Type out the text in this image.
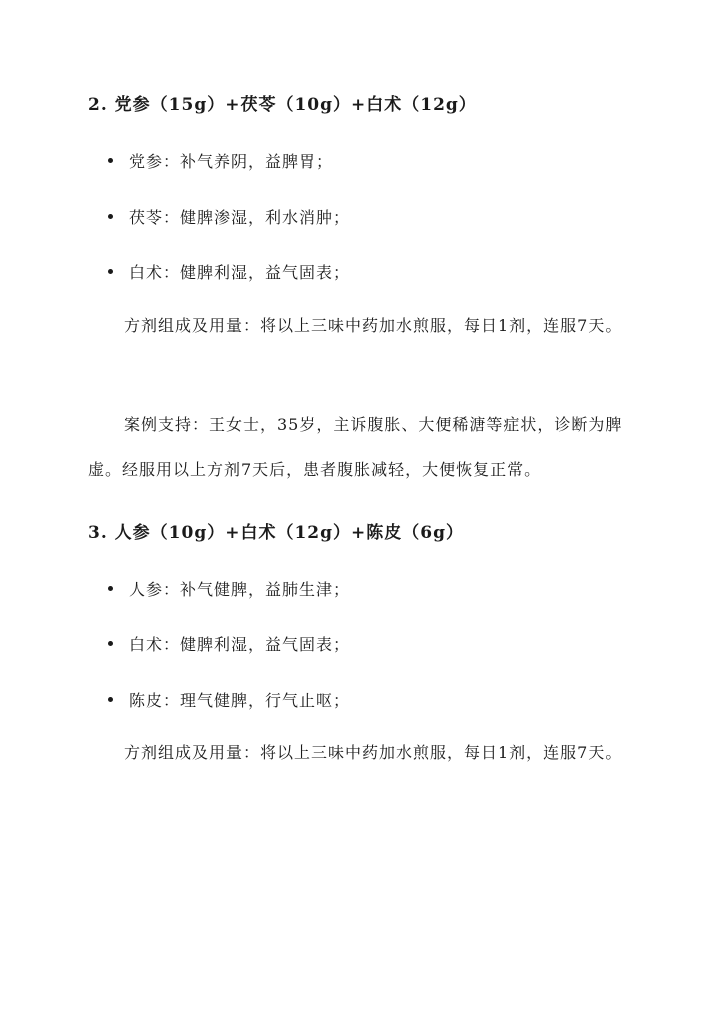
2. 党参（15g）+茯苓（10g）+白术（12g）
党参：补气养阴，益脾胃；
茯苓：健脾渗湿，利水消肿；
白术：健脾利湿，益气固表；

方剂组成及用量：将以上三味中药加水煎服，每日1剂，连服7天。

案例支持：王女士，35岁，主诉腹胀、大便稀溏等症状，诊断为脾虚。经服用以上方剂7天后，患者腹胀减轻，大便恢复正常。

3. 人参（10g）+白术（12g）+陈皮（6g）
人参：补气健脾，益肺生津；
白术：健脾利湿，益气固表；
陈皮：理气健脾，行气止呕；

方剂组成及用量：将以上三味中药加水煎服，每日1剂，连服7天。
